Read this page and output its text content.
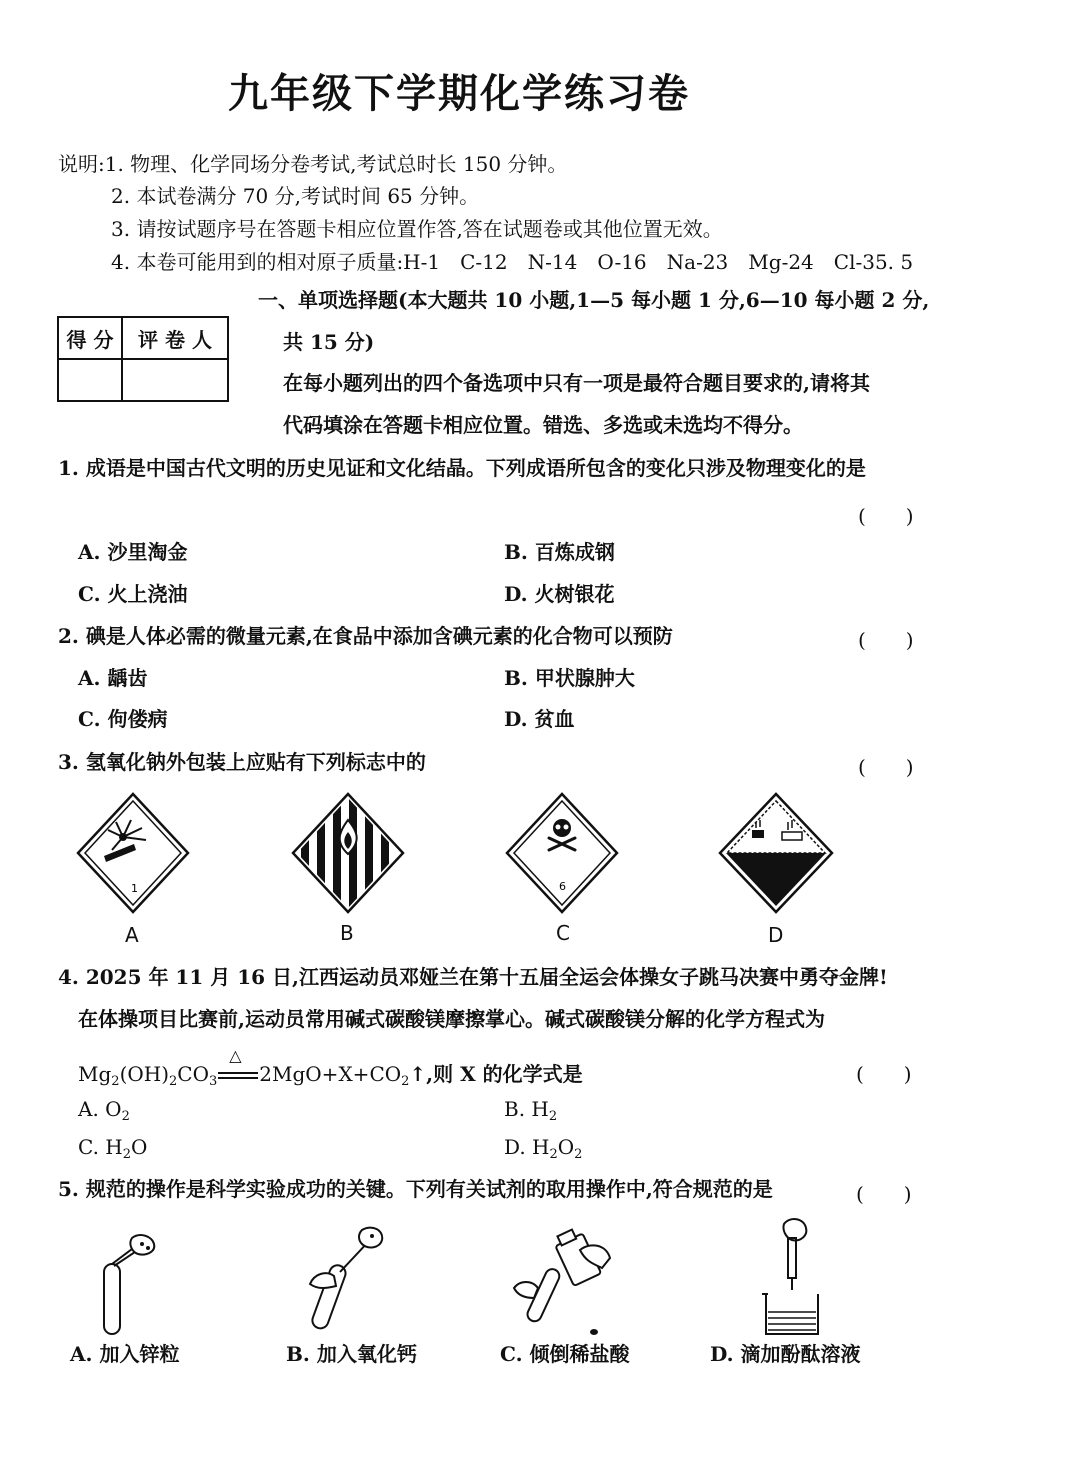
九年级下学期化学练习卷
说明:1. 物理、化学同场分卷考试,考试总时长 150 分钟。
2. 本试卷满分 70 分,考试时间 65 分钟。
3. 请按试题序号在答题卡相应位置作答,答在试题卷或其他位置无效。
4. 本卷可能用到的相对原子质量:H-1　C-12　N-14　O-16　Na-23　Mg-24　Cl-35. 5
得 分	评 卷 人

一、单项选择题(本大题共 10 小题,1—5 每小题 1 分,6—10 每小题 2 分,
共 15 分)
在每小题列出的四个备选项中只有一项是最符合题目要求的,请将其
代码填涂在答题卡相应位置。错选、多选或未选均不得分。
1. 成语是中国古代文明的历史见证和文化结晶。下列成语所包含的变化只涉及物理变化的是
(　　)
A. 沙里淘金	B. 百炼成钢
C. 火上浇油	D. 火树银花
2. 碘是人体必需的微量元素,在食品中添加含碘元素的化合物可以预防	(　　)
A. 龋齿	B. 甲状腺肿大
C. 佝偻病	D. 贫血
3. 氢氧化钠外包装上应贴有下列标志中的	(　　)
1	6
A	B	C	D
4. 2025 年 11 月 16 日,江西运动员邓娅兰在第十五届全运会体操女子跳马决赛中勇夺金牌!
在体操项目比赛前,运动员常用碱式碳酸镁摩擦掌心。碱式碳酸镁分解的化学方程式为
$Mg_2(OH)_2CO_3$
△
$2MgO+X+CO_2↑$,则 X 的化学式是	(　　)
A. $O_2$	B. $H_2$
C. $H_2O$	D. $H_2O_2$
5. 规范的操作是科学实验成功的关键。下列有关试剂的取用操作中,符合规范的是	(　　)
A. 加入锌粒	B. 加入氧化钙	C. 倾倒稀盐酸	D. 滴加酚酞溶液
